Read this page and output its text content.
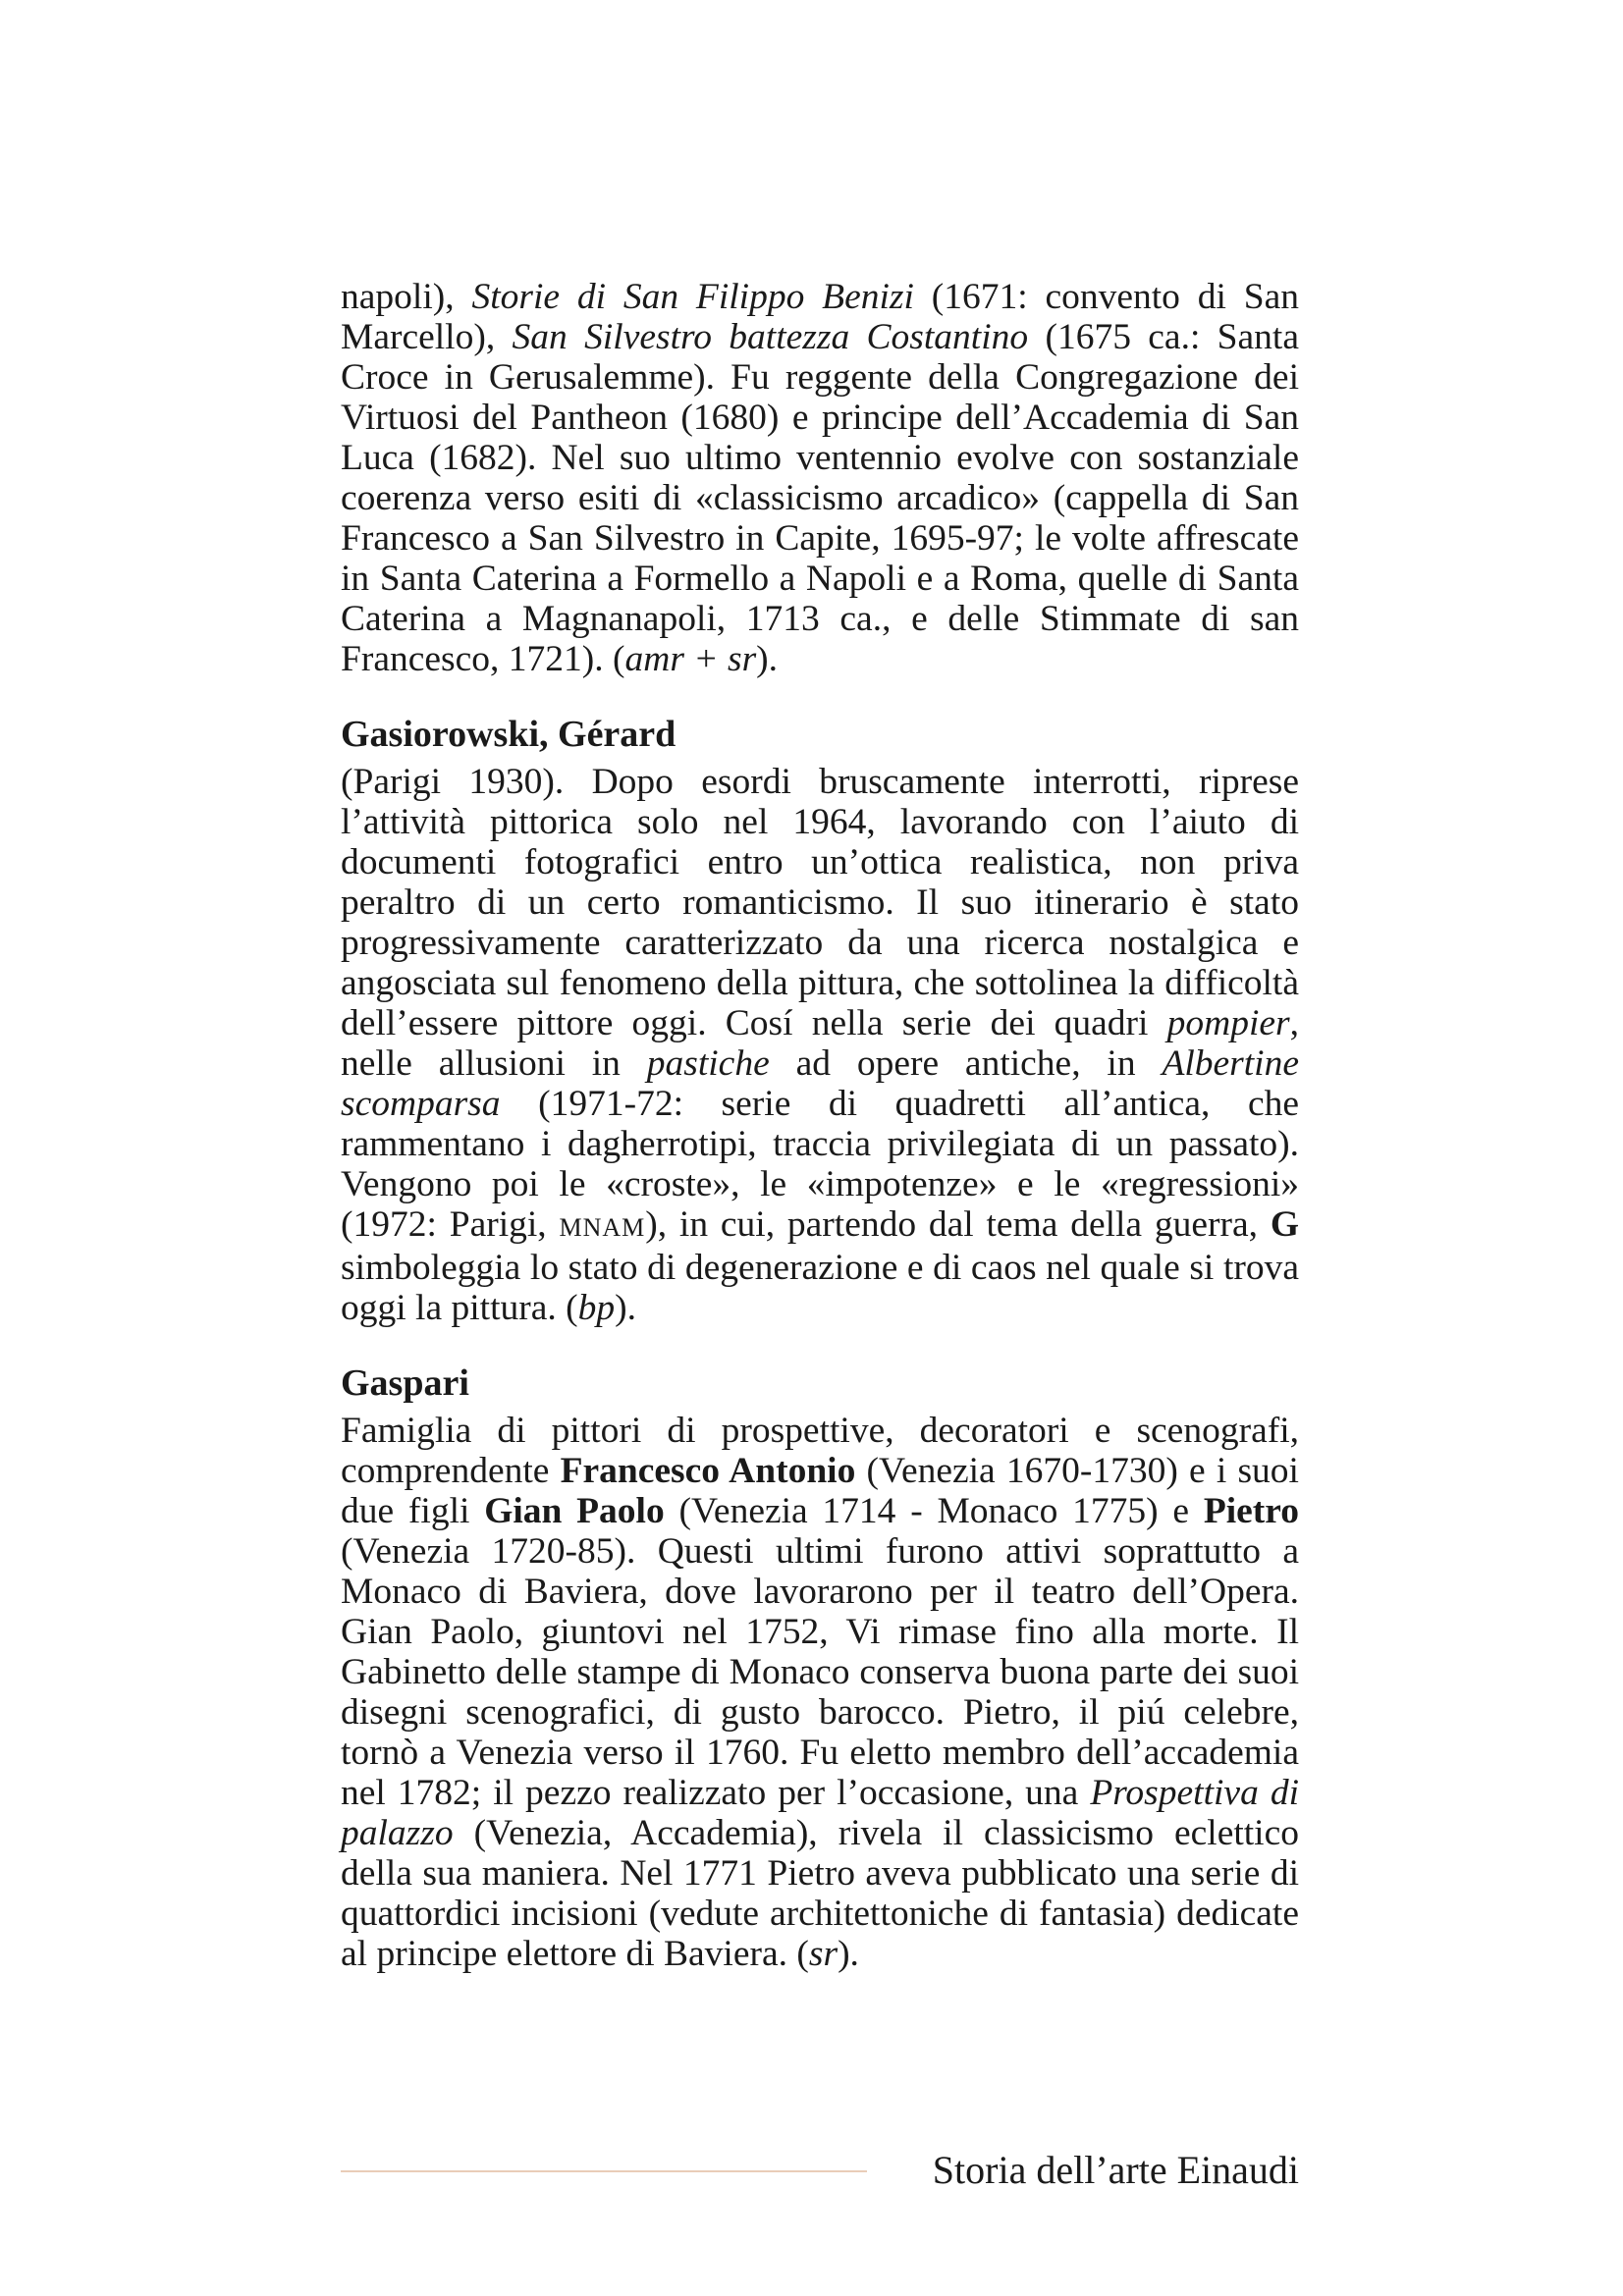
napoli), Storie di San Filippo Benizi (1671: convento di San Marcello), San Silvestro battezza Costantino (1675 ca.: Santa Croce in Gerusalemme). Fu reggente della Congregazione dei Virtuosi del Pantheon (1680) e principe dell’Accademia di San Luca (1682). Nel suo ultimo ventennio evolve con sostanziale coerenza verso esiti di «classicismo arcadico» (cappella di San Francesco a San Silvestro in Capite, 1695-97; le volte affrescate in Santa Caterina a Formello a Napoli e a Roma, quelle di Santa Caterina a Magnanapoli, 1713 ca., e delle Stimmate di san Francesco, 1721). (amr + sr).

Gasiorowski, Gérard

(Parigi 1930). Dopo esordi bruscamente interrotti, riprese l’attività pittorica solo nel 1964, lavorando con l’aiuto di documenti fotografici entro un’ottica realistica, non priva peraltro di un certo romanticismo. Il suo itinerario è stato progressivamente caratterizzato da una ricerca nostalgica e angosciata sul fenomeno della pittura, che sottolinea la difficoltà dell’essere pittore oggi. Cosí nella serie dei quadri pompier, nelle allusioni in pastiche ad opere antiche, in Albertine scomparsa (1971-72: serie di quadretti all’antica, che rammentano i dagherrotipi, traccia privilegiata di un passato). Vengono poi le «croste», le «impotenze» e le «regressioni» (1972: Parigi, MNAM), in cui, partendo dal tema della guerra, G simboleggia lo stato di degenerazione e di caos nel quale si trova oggi la pittura. (bp).

Gaspari

Famiglia di pittori di prospettive, decoratori e scenografi, comprendente Francesco Antonio (Venezia 1670-1730) e i suoi due figli Gian Paolo (Venezia 1714 - Monaco 1775) e Pietro (Venezia 1720-85). Questi ultimi furono attivi soprattutto a Monaco di Baviera, dove lavorarono per il teatro dell’Opera. Gian Paolo, giuntovi nel 1752, Vi rimase fino alla morte. Il Gabinetto delle stampe di Monaco conserva buona parte dei suoi disegni scenografici, di gusto barocco. Pietro, il piú celebre, tornò a Venezia verso il 1760. Fu eletto membro dell’accademia nel 1782; il pezzo realizzato per l’occasione, una Prospettiva di palazzo (Venezia, Accademia), rivela il classicismo eclettico della sua maniera. Nel 1771 Pietro aveva pubblicato una serie di quattordici incisioni (vedute architettoniche di fantasia) dedicate al principe elettore di Baviera. (sr).

Storia dell’arte Einaudi
